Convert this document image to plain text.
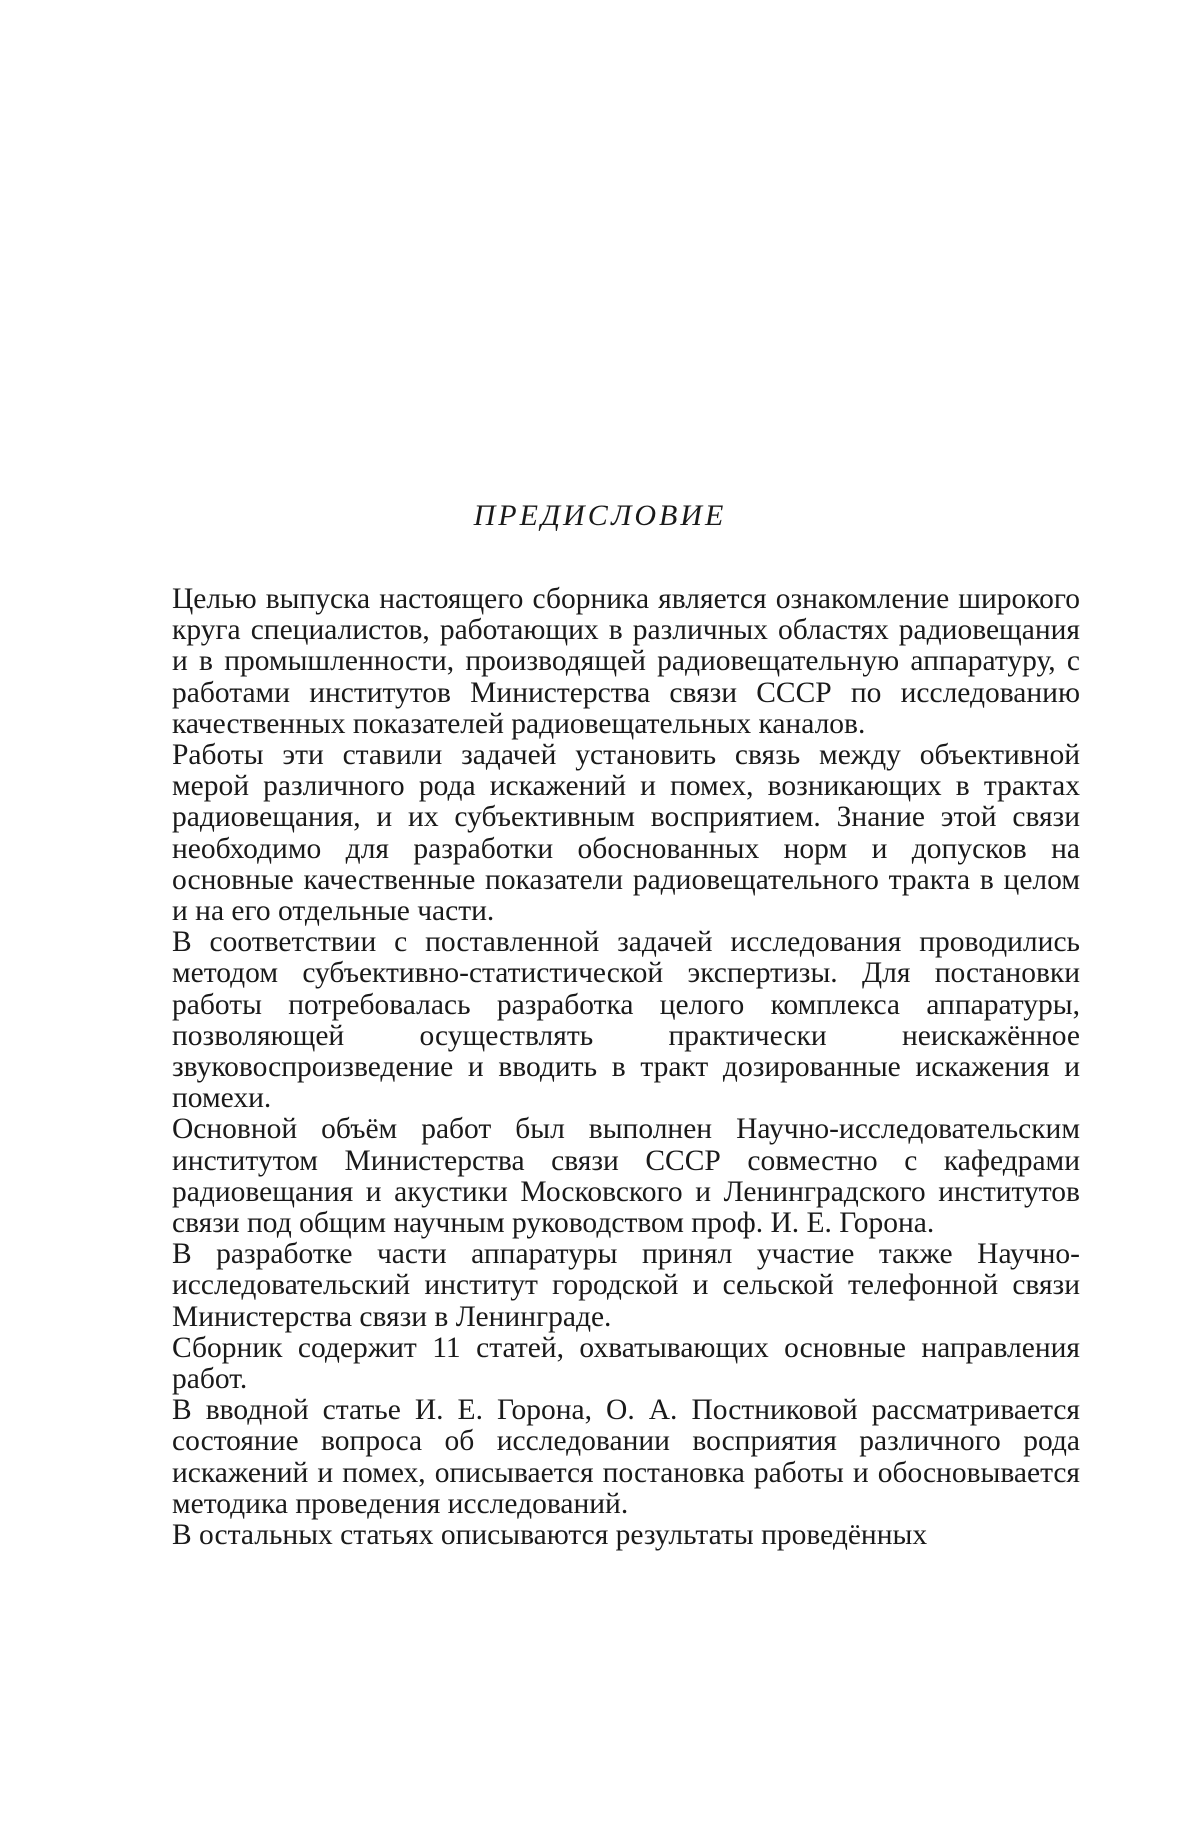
ПРЕДИСЛОВИЕ

Целью выпуска настоящего сборника является ознакомление широкого круга специалистов, работающих в различных областях радиовещания и в промышленности, производящей радиовещательную аппаратуру, с работами институтов Министерства связи СССР по исследованию качественных показателей радиовещательных каналов.

Работы эти ставили задачей установить связь между объективной мерой различного рода искажений и помех, возникающих в трактах радиовещания, и их субъективным восприятием. Знание этой связи необходимо для разработки обоснованных норм и допусков на основные качественные показатели радиовещательного тракта в целом и на его отдельные части.

В соответствии с поставленной задачей исследования проводились методом субъективно-статистической экспертизы. Для постановки работы потребовалась разработка целого комплекса аппаратуры, позволяющей осуществлять практически неискажённое звуковоспроизведение и вводить в тракт дозированные искажения и помехи.

Основной объём работ был выполнен Научно-исследовательским институтом Министерства связи СССР совместно с кафедрами радиовещания и акустики Московского и Ленинградского институтов связи под общим научным руководством проф. И. Е. Горона.

В разработке части аппаратуры принял участие также Научно-исследовательский институт городской и сельской телефонной связи Министерства связи в Ленинграде.

Сборник содержит 11 статей, охватывающих основные направления работ.

В вводной статье И. Е. Горона, О. А. Постниковой рассматривается состояние вопроса об исследовании восприятия различного рода искажений и помех, описывается постановка работы и обосновывается методика проведения исследований.

В остальных статьях описываются результаты проведённых
